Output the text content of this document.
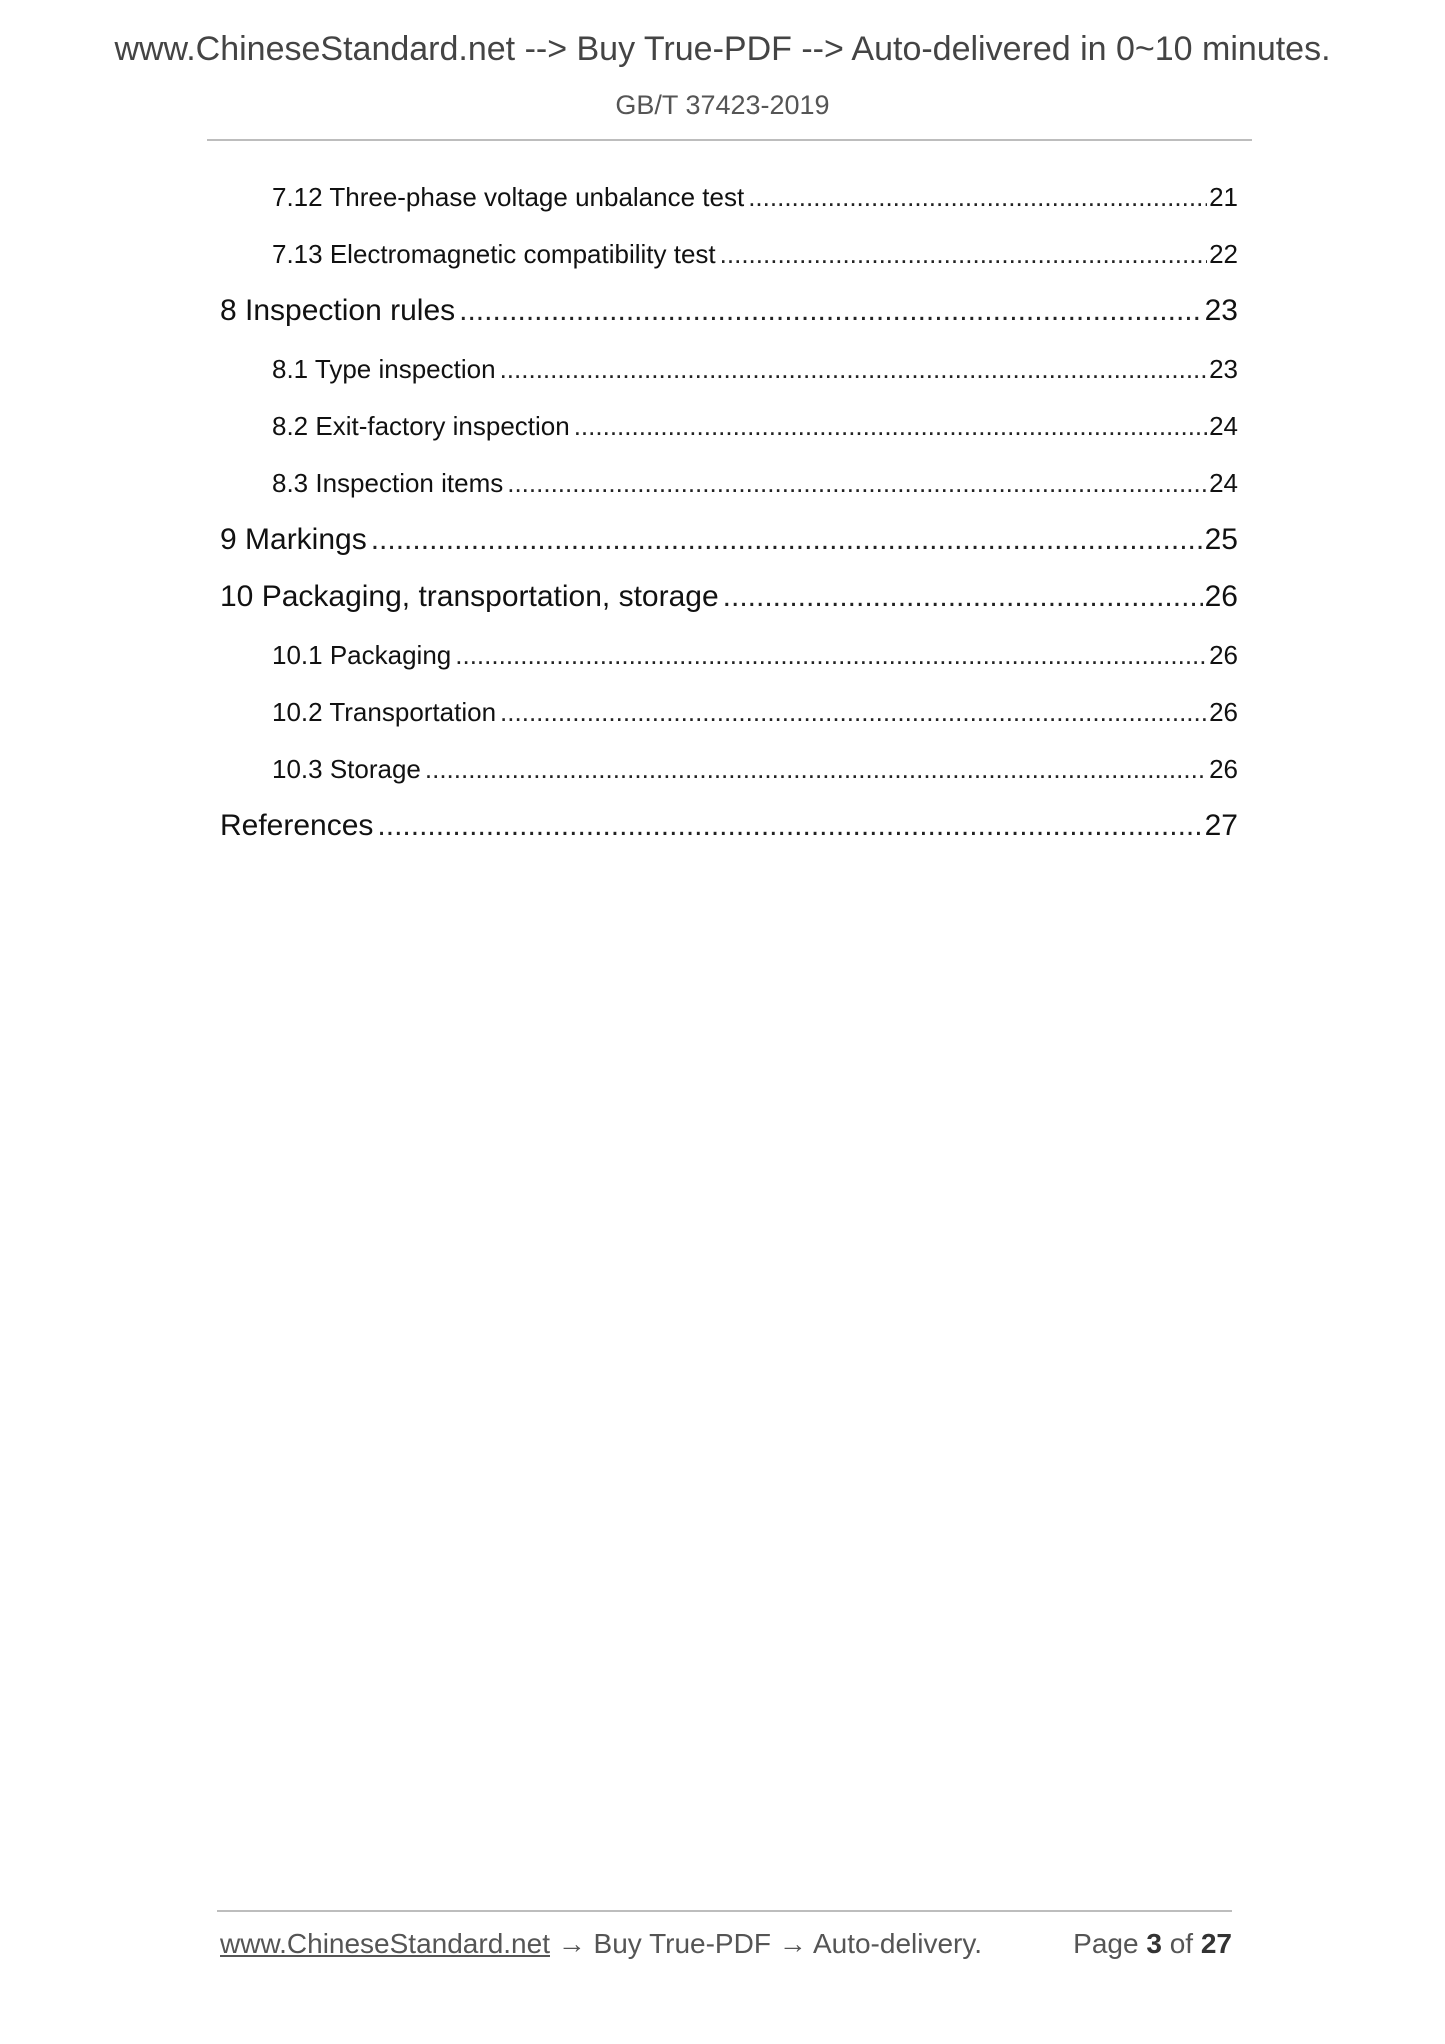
www.ChineseStandard.net --> Buy True-PDF --> Auto-delivered in 0~10 minutes.
GB/T 37423-2019
7.12 Three-phase voltage unbalance test .....	21
7.13 Electromagnetic compatibility test .....	22
8 Inspection rules .....	23
8.1 Type inspection .....	23
8.2 Exit-factory inspection .....	24
8.3 Inspection items .....	24
9 Markings .....	25
10 Packaging, transportation, storage .....	26
10.1 Packaging .....	26
10.2 Transportation .....	26
10.3 Storage .....	26
References .....	27
www.ChineseStandard.net → Buy True-PDF → Auto-delivery.	Page 3 of 27
